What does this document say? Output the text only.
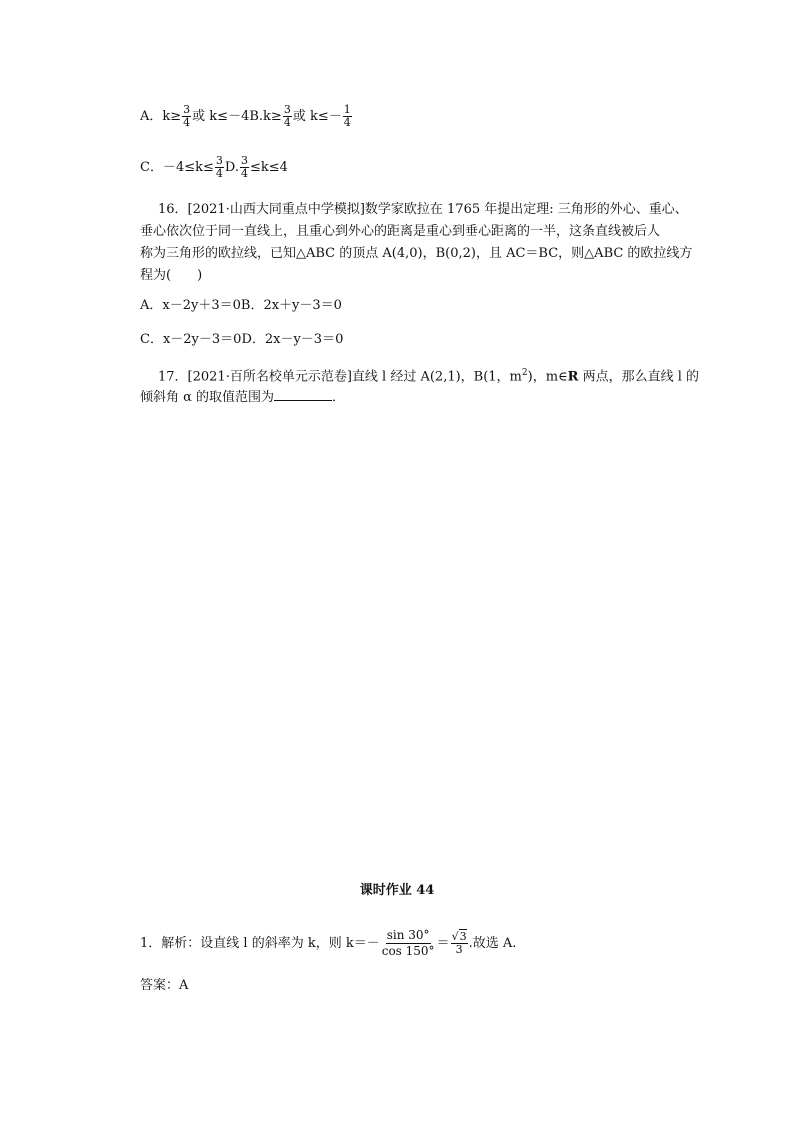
A．$k\ge \frac{3}{4}$ 或 $k\le-4B.k\ge \frac{3}{4}$ 或 $k\le- \frac{1}{4}$
C．$-4\le k\le \frac{3}{4} D$. $\frac{3}{4} \le k\le 4$
16．[2021·山西大同重点中学模拟]数学家欧拉在 1765 年提出定理: 三角形的外心、重心、
垂心依次位于同一直线上，且重心到外心的距离是重心到垂心距离的一半，这条直线被后人
称为三角形的欧拉线，已知△ABC 的顶点 A(4,0)，B(0,2)，且 AC＝BC，则△ABC 的欧拉线方
程为(　　)
A．x－2y＋3＝0B．2x＋y－3＝0
C．x－2y－3＝0D．2x－y－3＝0
17．[2021·百所名校单元示范卷]直线 l 经过 A(2,1)，B(1，$m^2$)，m∈R 两点，那么直线 l 的
倾斜角 α 的取值范围为	．
课时作业 44
1．解析：设直线 l 的斜率为 k，则 $k=- \frac{\sin 30^\circ}{\cos 150^\circ} = \frac{√3}{3}$ .故选 A.
答案：A
